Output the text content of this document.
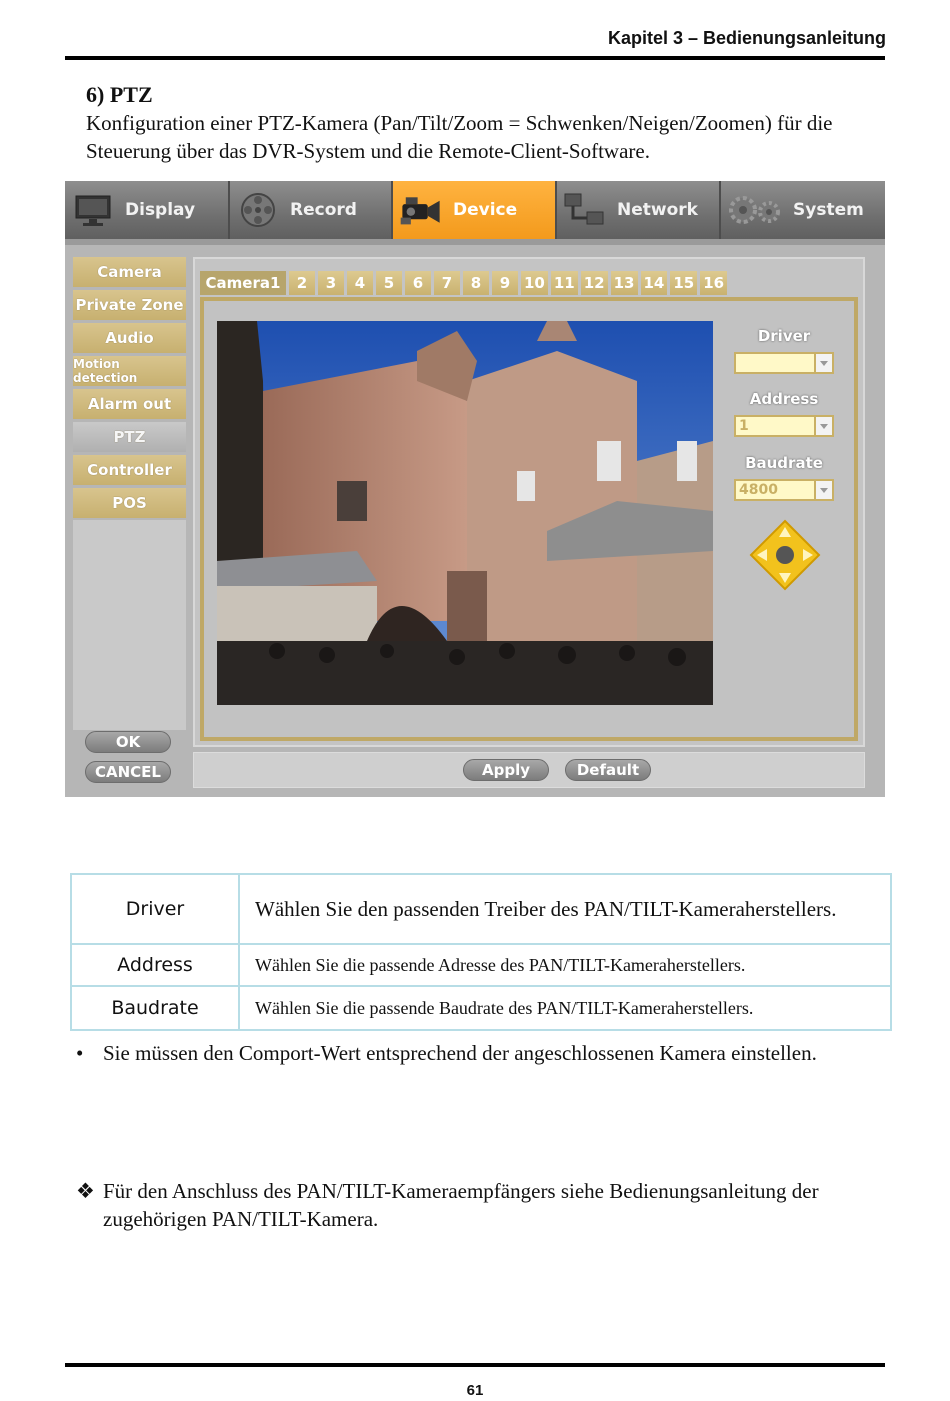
Kapitel 3 – Bedienungsanleitung
6) PTZ
Konfiguration einer PTZ-Kamera (Pan/Tilt/Zoom = Schwenken/Neigen/Zoomen) für die Steuerung über das DVR-System und die Remote-Client-Software.
Display	Record	Device	Network	System
Camera
Private Zone
Audio
Motion detection
Alarm out
PTZ
Controller
POS
Camera1	2	3	4	5	6	7	8	9 10 11 12 13 14 15 16
Driver
Address
1
Baudrate
4800
OK
CANCEL	Apply	Default
Driver	Wählen Sie den passenden Treiber des PAN/TILT-Kameraherstellers.
Address	Wählen Sie die passende Adresse des PAN/TILT-Kameraherstellers.
Baudrate	Wählen Sie die passende Baudrate des PAN/TILT-Kameraherstellers.
• Sie müssen den Comport-Wert entsprechend der angeschlossenen Kamera einstellen.
❖ Für den Anschluss des PAN/TILT-Kameraempfängers siehe Bedienungsanleitung der zugehörigen PAN/TILT-Kamera.
61
